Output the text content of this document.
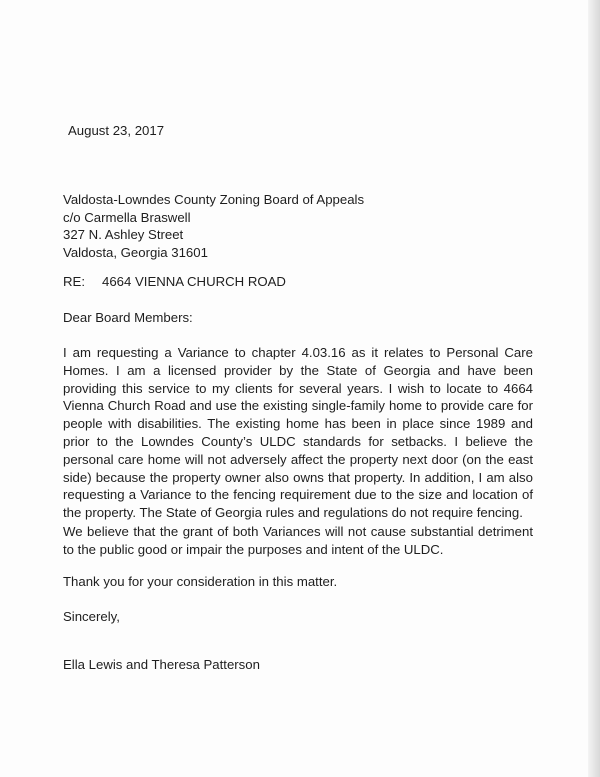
August 23, 2017
Valdosta-Lowndes County Zoning Board of Appeals
c/o Carmella Braswell
327 N. Ashley Street
Valdosta, Georgia 31601
RE: 4664 VIENNA CHURCH ROAD
Dear Board Members:
I am requesting a Variance to chapter 4.03.16 as it relates to Personal Care Homes. I am a licensed provider by the State of Georgia and have been providing this service to my clients for several years. I wish to locate to 4664 Vienna Church Road and use the existing single-family home to provide care for people with disabilities. The existing home has been in place since 1989 and prior to the Lowndes County’s ULDC standards for setbacks. I believe the personal care home will not adversely affect the property next door (on the east side) because the property owner also owns that property. In addition, I am also requesting a Variance to the fencing requirement due to the size and location of the property. The State of Georgia rules and regulations do not require fencing.
We believe that the grant of both Variances will not cause substantial detriment to the public good or impair the purposes and intent of the ULDC.
Thank you for your consideration in this matter.
Sincerely,
Ella Lewis and Theresa Patterson
